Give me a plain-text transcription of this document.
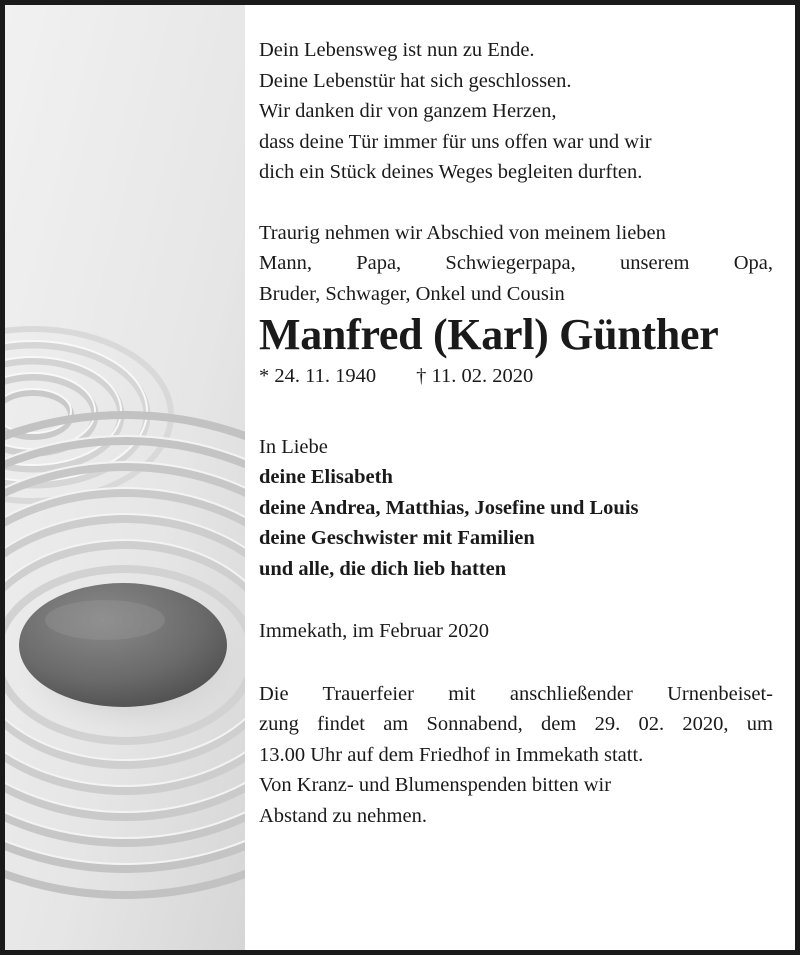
Dein Lebensweg ist nun zu Ende.
Deine Lebenstür hat sich geschlossen.
Wir danken dir von ganzem Herzen,
dass deine Tür immer für uns offen war und wir
dich ein Stück deines Weges begleiten durften.

Traurig nehmen wir Abschied von meinem lieben
Mann, Papa, Schwiegerpapa, unserem Opa,
Bruder, Schwager, Onkel und Cousin

Manfred (Karl) Günther

* 24. 11. 1940 † 11. 02. 2020

In Liebe
deine Elisabeth
deine Andrea, Matthias, Josefine und Louis
deine Geschwister mit Familien
und alle, die dich lieb hatten

Immekath, im Februar 2020

Die Trauerfeier mit anschließender Urnenbeiset-
zung findet am Sonnabend, dem 29. 02. 2020, um
13.00 Uhr auf dem Friedhof in Immekath statt.
Von Kranz- und Blumenspenden bitten wir
Abstand zu nehmen.
